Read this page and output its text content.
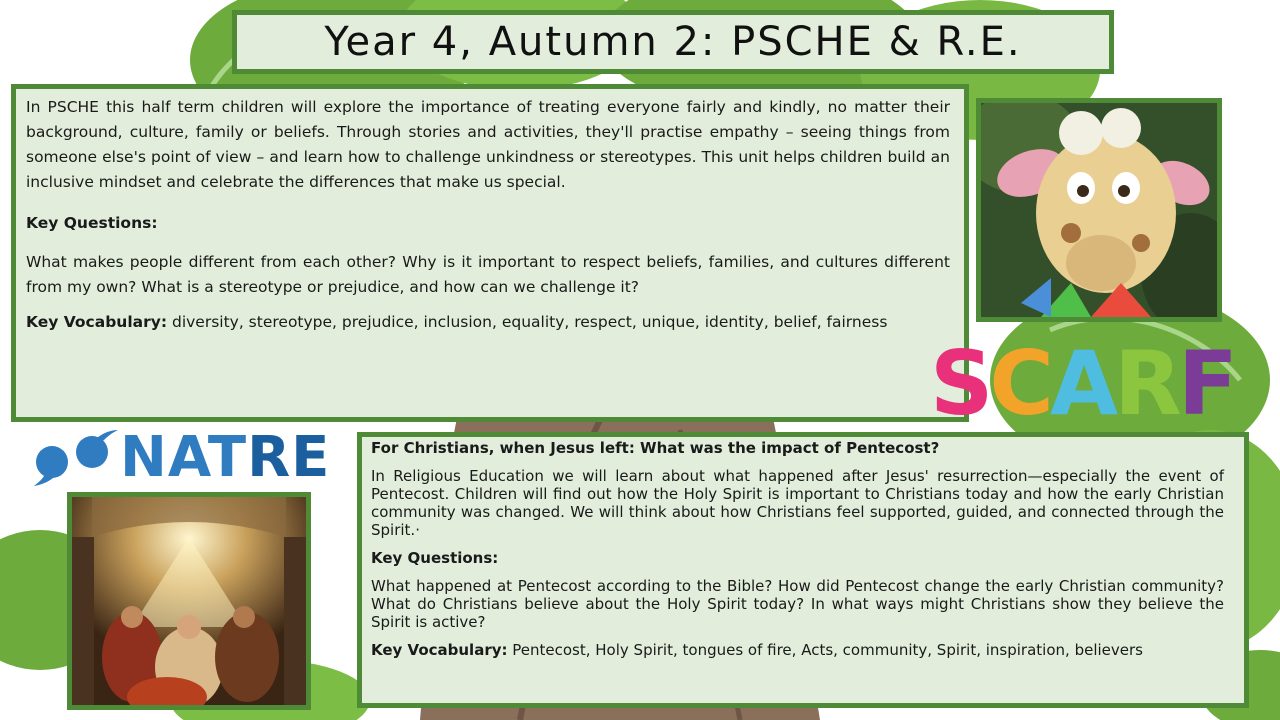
Year 4, Autumn 2: PSCHE & R.E.

In PSCHE this half term children will explore the importance of treating everyone fairly and kindly, no matter their background, culture, family or beliefs. Through stories and activities, they'll practise empathy – seeing things from someone else's point of view – and learn how to challenge unkindness or stereotypes. This unit helps children build an inclusive mindset and celebrate the differences that make us special.

Key Questions:

What makes people different from each other? Why is it important to respect beliefs, families, and cultures different from my own? What is a stereotype or prejudice, and how can we challenge it?

Key Vocabulary: diversity, stereotype, prejudice, inclusion, equality, respect, unique, identity, belief, fairness

SCARF
NATRE	For Christians, when Jesus left: What was the impact of Pentecost?

In Religious Education we will learn about what happened after Jesus' resurrection—especially the event of Pentecost. Children will find out how the Holy Spirit is important to Christians today and how the early Christian community was changed. We will think about how Christians feel supported, guided, and connected through the Spirit.·

Key Questions:

What happened at Pentecost according to the Bible? How did Pentecost change the early Christian community? What do Christians believe about the Holy Spirit today? In what ways might Christians show they believe the Spirit is active?

Key Vocabulary: Pentecost, Holy Spirit, tongues of fire, Acts, community, Spirit, inspiration, believers
